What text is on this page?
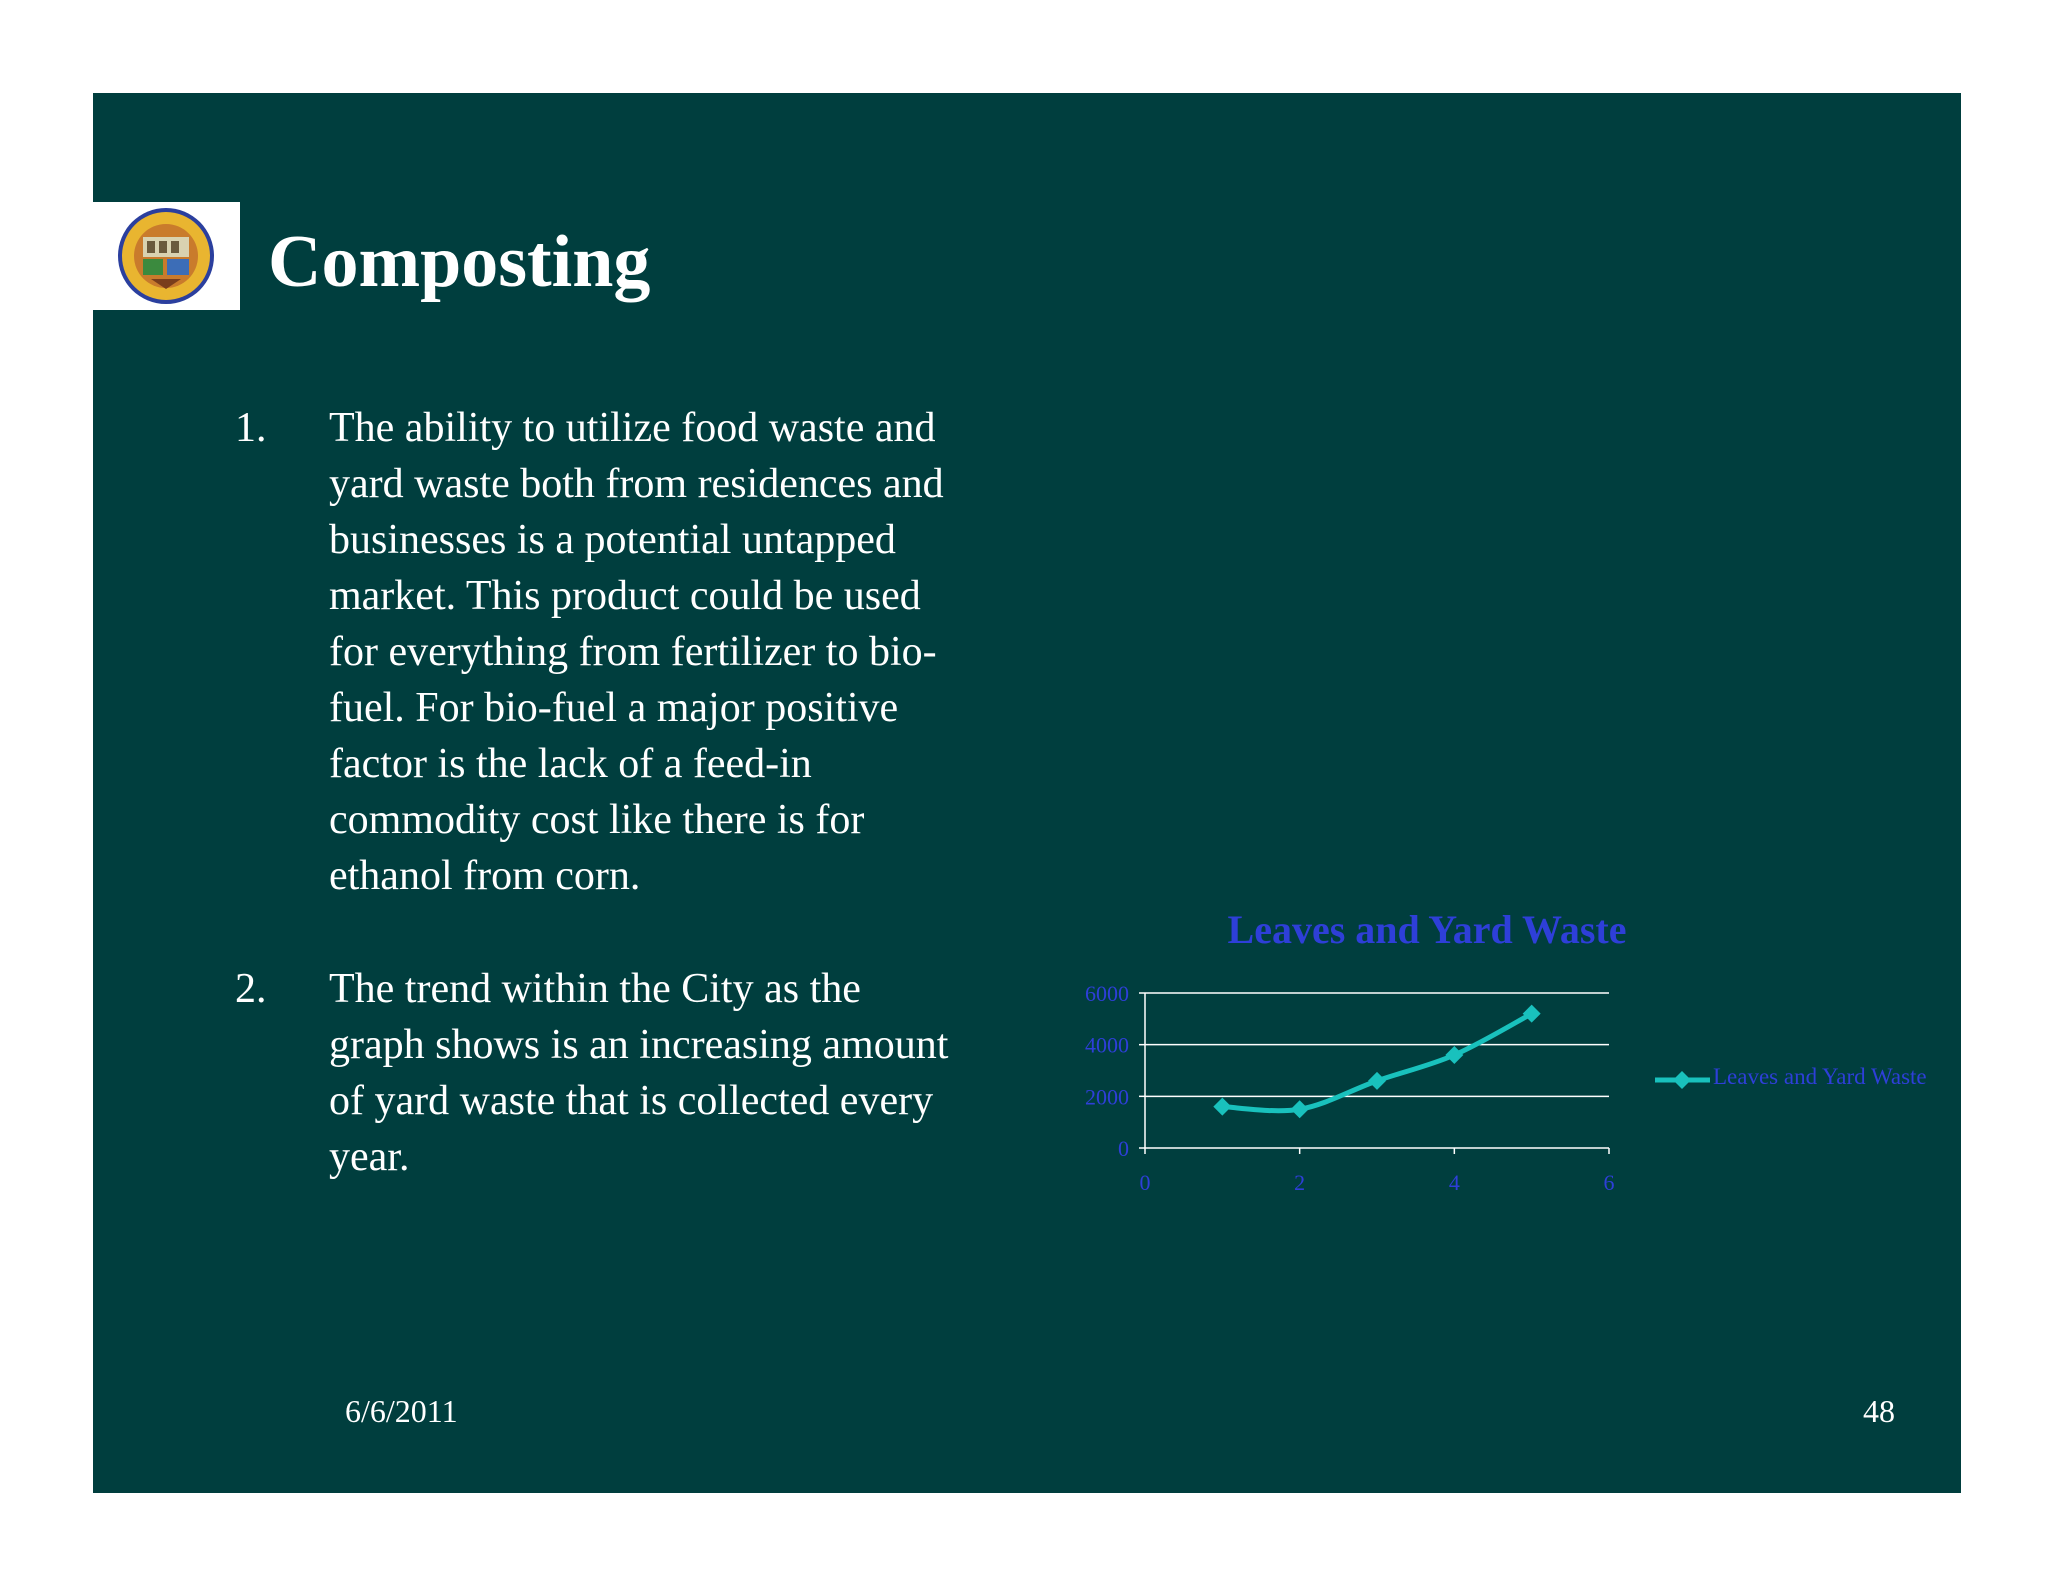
Composting
1. The ability to utilize food waste and
yard waste both from residences and
businesses is a potential untapped
market. This product could be used
for everything from fertilizer to bio-
fuel. For bio-fuel a major positive
factor is the lack of a feed-in
commodity cost like there is for
ethanol from corn.
2. The trend within the City as the
graph shows is an increasing amount
of yard waste that is collected every
year.
Leaves and Yard Waste
0
2000
4000
6000
0	2	4	6
Leaves and Yard Waste
6/6/2011	48
